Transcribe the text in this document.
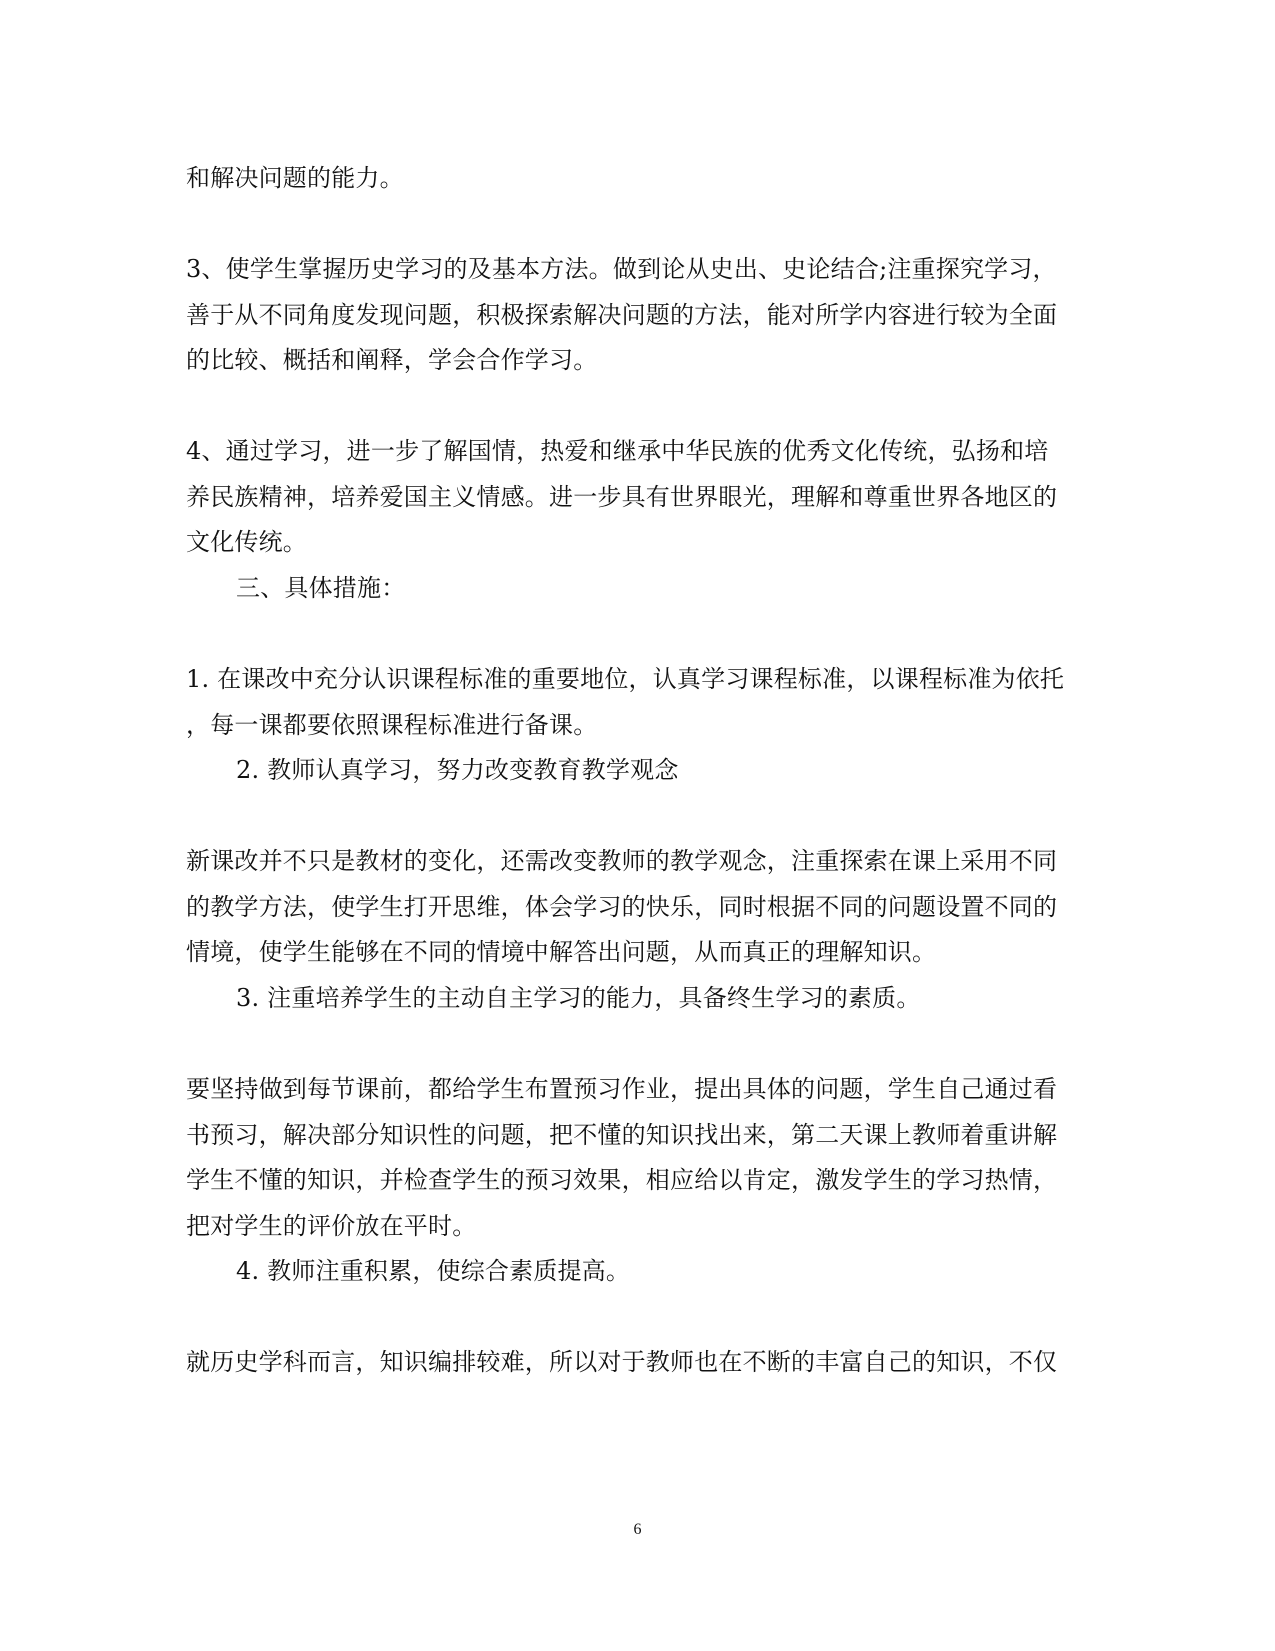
和解决问题的能力。
3、使学生掌握历史学习的及基本方法。做到论从史出、史论结合;注重探究学习，
善于从不同角度发现问题，积极探索解决问题的方法，能对所学内容进行较为全面
的比较、概括和阐释，学会合作学习。
4、通过学习，进一步了解国情，热爱和继承中华民族的优秀文化传统，弘扬和培
养民族精神，培养爱国主义情感。进一步具有世界眼光，理解和尊重世界各地区的
文化传统。
三、具体措施：
1. 在课改中充分认识课程标准的重要地位，认真学习课程标准，以课程标准为依托
，每一课都要依照课程标准进行备课。
2. 教师认真学习，努力改变教育教学观念
新课改并不只是教材的变化，还需改变教师的教学观念，注重探索在课上采用不同
的教学方法，使学生打开思维，体会学习的快乐，同时根据不同的问题设置不同的
情境，使学生能够在不同的情境中解答出问题，从而真正的理解知识。
3. 注重培养学生的主动自主学习的能力，具备终生学习的素质。
要坚持做到每节课前，都给学生布置预习作业，提出具体的问题，学生自己通过看
书预习，解决部分知识性的问题，把不懂的知识找出来，第二天课上教师着重讲解
学生不懂的知识，并检查学生的预习效果，相应给以肯定，激发学生的学习热情，
把对学生的评价放在平时。
4. 教师注重积累，使综合素质提高。
就历史学科而言，知识编排较难，所以对于教师也在不断的丰富自己的知识，不仅
6
